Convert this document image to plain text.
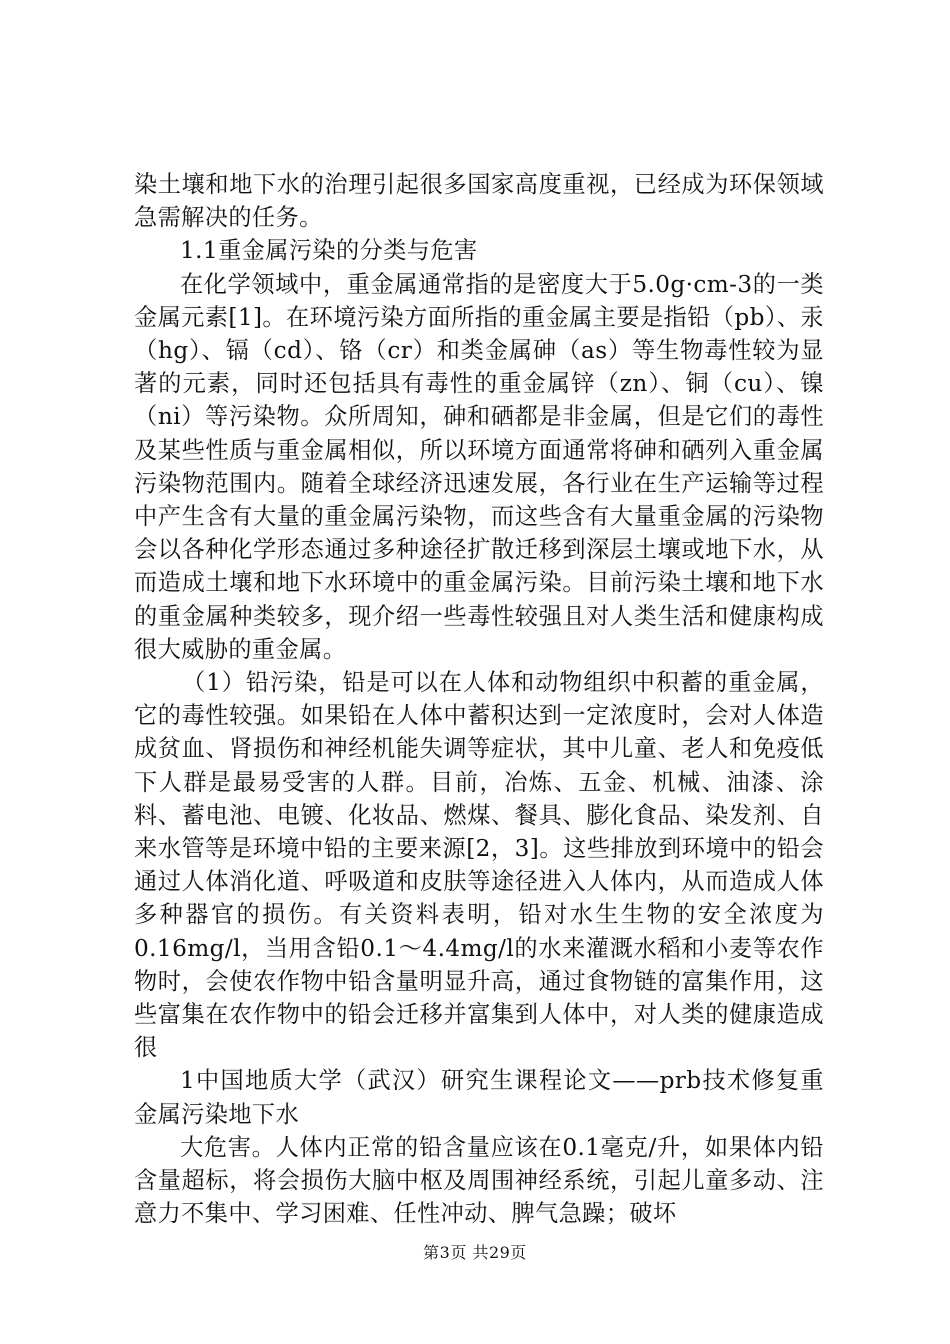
染土壤和地下水的治理引起很多国家高度重视，已经成为环保领域急需解决的任务。

1.1重金属污染的分类与危害

在化学领域中，重金属通常指的是密度大于5.0g·cm-3的一类金属元素[1]。在环境污染方面所指的重金属主要是指铅（pb）、汞（hg）、镉（cd）、铬（cr）和类金属砷（as）等生物毒性较为显著的元素，同时还包括具有毒性的重金属锌（zn）、铜（cu）、镍（ni）等污染物。众所周知，砷和硒都是非金属，但是它们的毒性及某些性质与重金属相似，所以环境方面通常将砷和硒列入重金属污染物范围内。随着全球经济迅速发展，各行业在生产运输等过程中产生含有大量的重金属污染物，而这些含有大量重金属的污染物会以各种化学形态通过多种途径扩散迁移到深层土壤或地下水，从而造成土壤和地下水环境中的重金属污染。目前污染土壤和地下水的重金属种类较多，现介绍一些毒性较强且对人类生活和健康构成很大威胁的重金属。

（1）铅污染，铅是可以在人体和动物组织中积蓄的重金属，它的毒性较强。如果铅在人体中蓄积达到一定浓度时，会对人体造成贫血、肾损伤和神经机能失调等症状，其中儿童、老人和免疫低下人群是最易受害的人群。目前，冶炼、五金、机械、油漆、涂料、蓄电池、电镀、化妆品、燃煤、餐具、膨化食品、染发剂、自来水管等是环境中铅的主要来源[2，3]。这些排放到环境中的铅会通过人体消化道、呼吸道和皮肤等途径进入人体内，从而造成人体多种器官的损伤。有关资料表明，铅对水生生物的安全浓度为0.16mg/l，当用含铅0.1～4.4mg/l的水来灌溉水稻和小麦等农作物时，会使农作物中铅含量明显升高，通过食物链的富集作用，这些富集在农作物中的铅会迁移并富集到人体中，对人类的健康造成很

1中国地质大学（武汉）研究生课程论文——prb技术修复重金属污染地下水

大危害。人体内正常的铅含量应该在0.1毫克/升，如果体内铅含量超标，将会损伤大脑中枢及周围神经系统，引起儿童多动、注意力不集中、学习困难、任性冲动、脾气急躁；破坏

第3页 共29页
